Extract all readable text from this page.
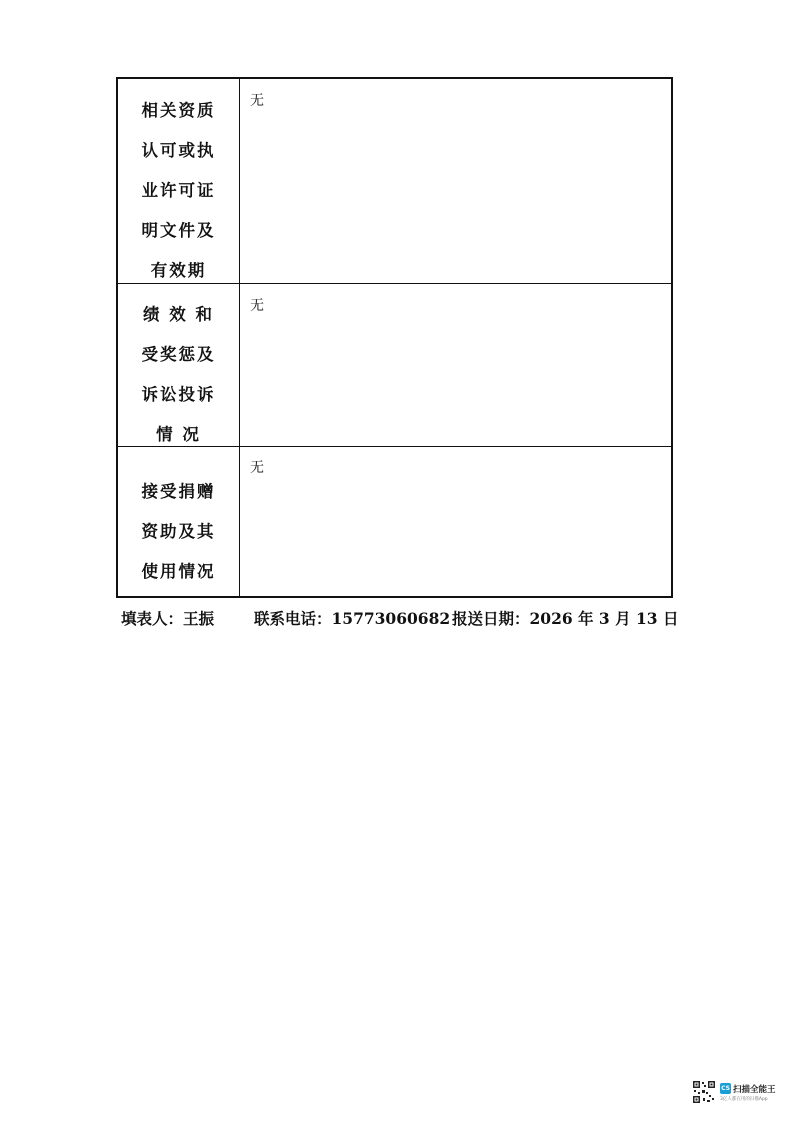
相关资质
认可或执
业许可证
明文件及
有效期
无
绩 效 和
受奖惩及
诉讼投诉
情 况
无
接受捐赠
资助及其
使用情况
无
填表人：王振	联系电话：15773060682 报送日期：2026 年 3 月 13 日
CS 扫描全能王
3亿人都在用的扫描App
